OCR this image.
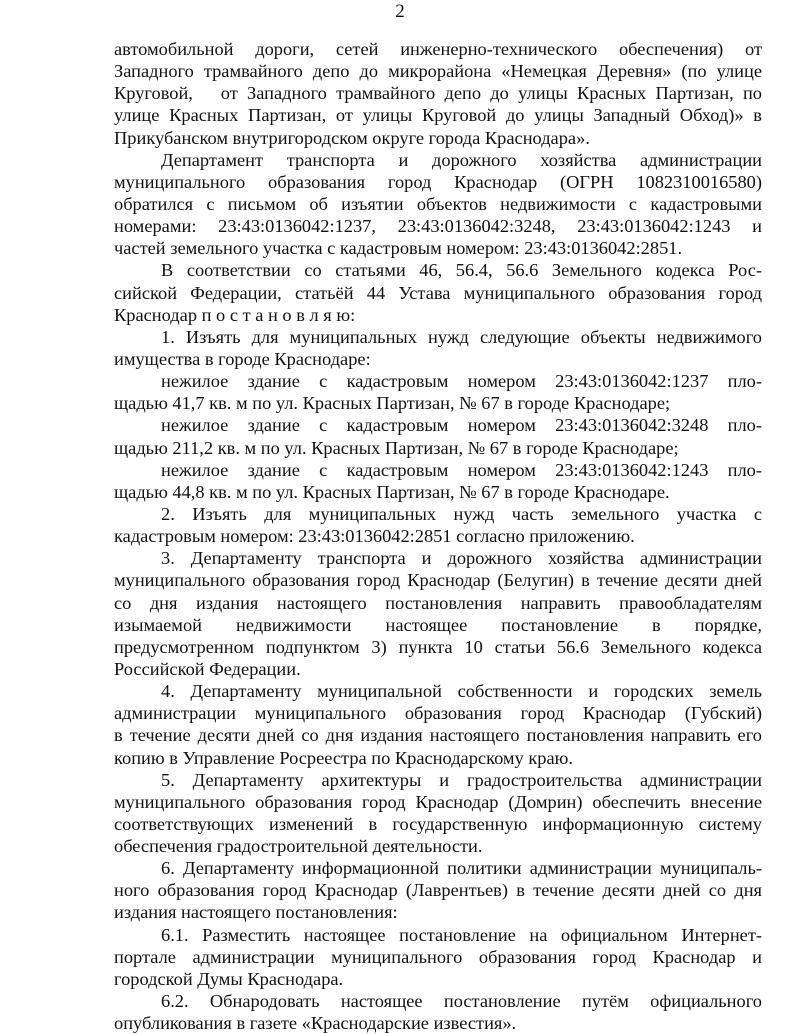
2
автомобильной дороги, сетей инженерно-технического обеспечения) от
Западного трамвайного депо до микрорайона «Немецкая Деревня» (по улице
Круговой,   от Западного трамвайного депо до улицы Красных Партизан, по
улице Красных Партизан, от улицы Круговой до улицы Западный Обход)» в
Прикубанском внутригородском округе города Краснодара».
Департамент транспорта и дорожного хозяйства администрации
муниципального образования город Краснодар (ОГРН 1082310016580)
обратился с письмом об изъятии объектов недвижимости с кадастровыми
номерами: 23:43:0136042:1237, 23:43:0136042:3248, 23:43:0136042:1243 и
частей земельного участка с кадастровым номером: 23:43:0136042:2851.
В соответствии со статьями 46, 56.4, 56.6 Земельного кодекса Рос-
сийской Федерации, статьёй 44 Устава муниципального образования город
Краснодар п о с т а н о в л я ю:
1. Изъять для муниципальных нужд следующие объекты недвижимого
имущества в городе Краснодаре:
нежилое здание с кадастровым номером 23:43:0136042:1237 пло-
щадью 41,7 кв. м по ул. Красных Партизан, № 67 в городе Краснодаре;
нежилое здание с кадастровым номером 23:43:0136042:3248 пло-
щадью 211,2 кв. м по ул. Красных Партизан, № 67 в городе Краснодаре;
нежилое здание с кадастровым номером 23:43:0136042:1243 пло-
щадью 44,8 кв. м по ул. Красных Партизан, № 67 в городе Краснодаре.
2. Изъять для муниципальных нужд часть земельного участка с
кадастровым номером: 23:43:0136042:2851 согласно приложению.
3. Департаменту транспорта и дорожного хозяйства администрации
муниципального образования город Краснодар (Белугин) в течение десяти дней
со дня издания настоящего постановления направить правообладателям
изымаемой недвижимости настоящее постановление в порядке,
предусмотренном подпунктом 3) пункта 10 статьи 56.6 Земельного кодекса
Российской Федерации.
4. Департаменту муниципальной собственности и городских земель
администрации муниципального образования город Краснодар (Губский)
в течение десяти дней со дня издания настоящего постановления направить его
копию в Управление Росреестра по Краснодарскому краю.
5. Департаменту архитектуры и градостроительства администрации
муниципального образования город Краснодар (Домрин) обеспечить внесение
соответствующих изменений в государственную информационную систему
обеспечения градостроительной деятельности.
6. Департаменту информационной политики администрации муниципаль-
ного образования город Краснодар (Лаврентьев) в течение десяти дней со дня
издания настоящего постановления:
6.1. Разместить настоящее постановление на официальном Интернет-
портале администрации муниципального образования город Краснодар и
городской Думы Краснодара.
6.2. Обнародовать настоящее постановление путём официального
опубликования в газете «Краснодарские известия».
